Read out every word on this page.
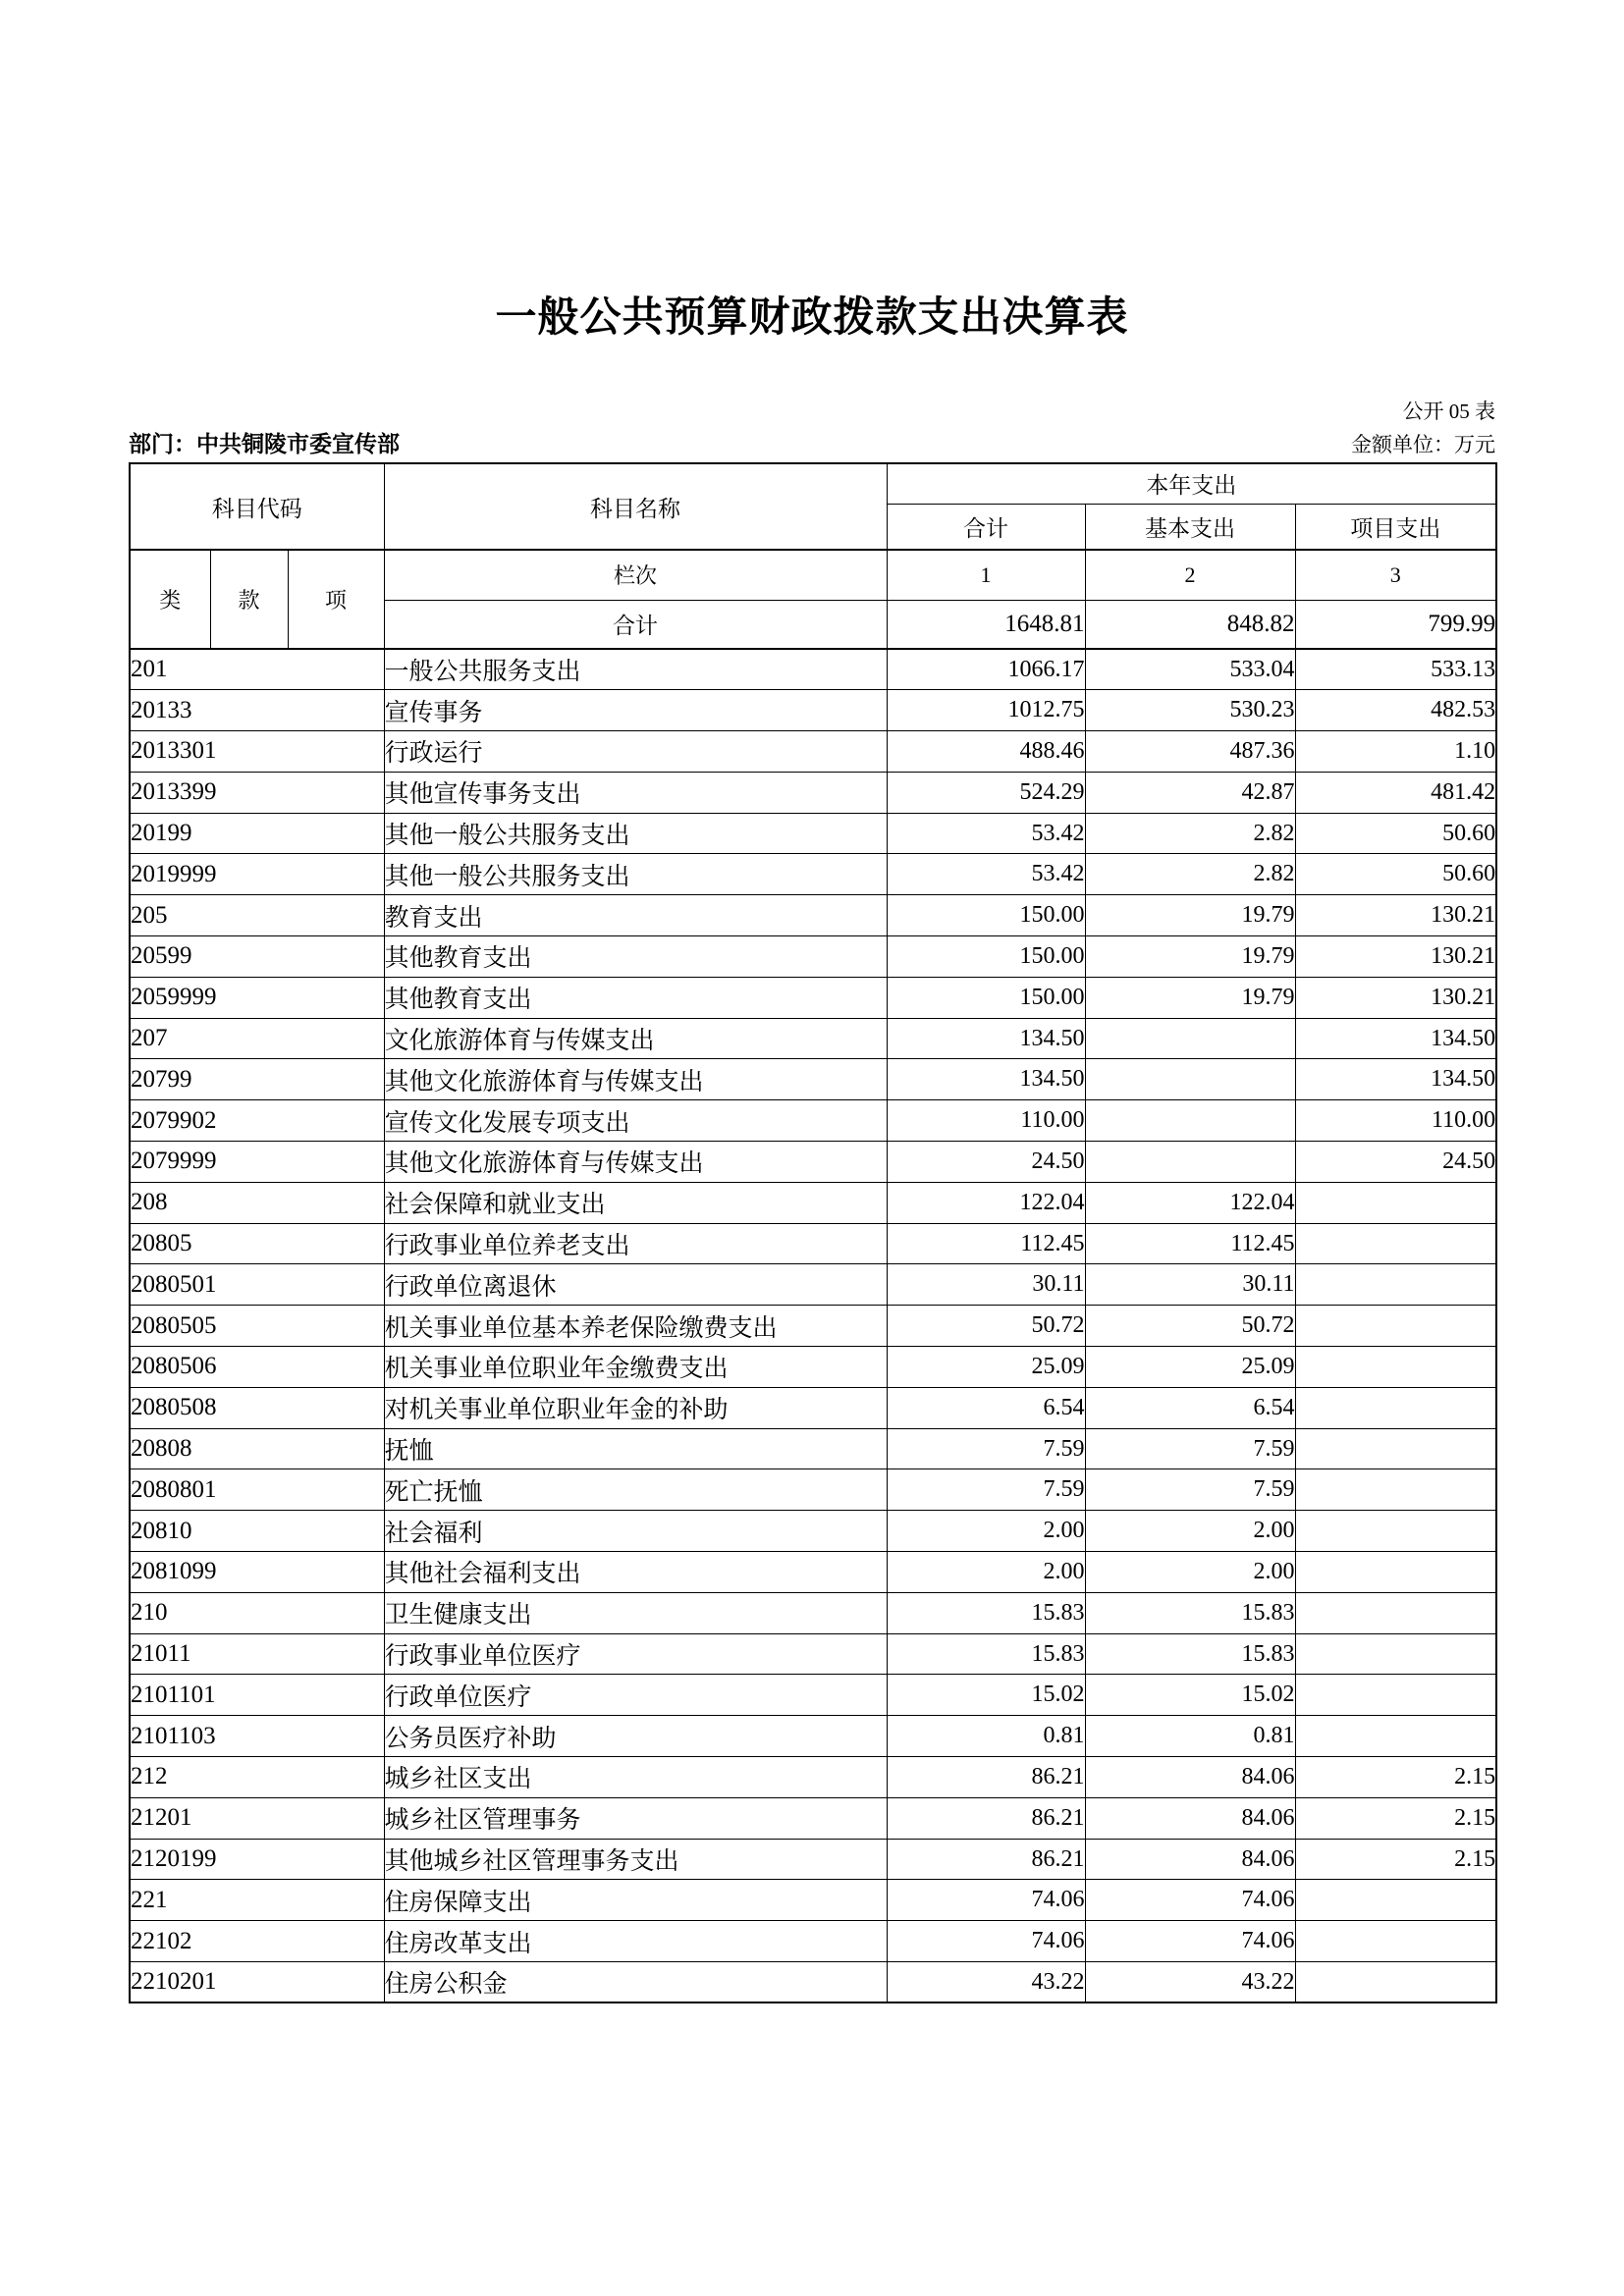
一般公共预算财政拨款支出决算表
公开 05 表
部门：中共铜陵市委宣传部	金额单位：万元
科目代码			科目名称	本年支出		
				合计	基本支出	项目支出
类	款	项	栏次	1	2	3
			合计	1648.81	848.82	799.99
201			一般公共服务支出	1066.17	533.04	533.13
20133			宣传事务	1012.75	530.23	482.53
2013301			行政运行	488.46	487.36	1.10
2013399			其他宣传事务支出	524.29	42.87	481.42
20199			其他一般公共服务支出	53.42	2.82	50.60
2019999			其他一般公共服务支出	53.42	2.82	50.60
205			教育支出	150.00	19.79	130.21
20599			其他教育支出	150.00	19.79	130.21
2059999			其他教育支出	150.00	19.79	130.21
207			文化旅游体育与传媒支出	134.50		134.50
20799			其他文化旅游体育与传媒支出	134.50		134.50
2079902			宣传文化发展专项支出	110.00		110.00
2079999			其他文化旅游体育与传媒支出	24.50		24.50
208			社会保障和就业支出	122.04	122.04	
20805			行政事业单位养老支出	112.45	112.45	
2080501			行政单位离退休	30.11	30.11	
2080505			机关事业单位基本养老保险缴费支出	50.72	50.72	
2080506			机关事业单位职业年金缴费支出	25.09	25.09	
2080508			对机关事业单位职业年金的补助	6.54	6.54	
20808			抚恤	7.59	7.59	
2080801			死亡抚恤	7.59	7.59	
20810			社会福利	2.00	2.00	
2081099			其他社会福利支出	2.00	2.00	
210			卫生健康支出	15.83	15.83	
21011			行政事业单位医疗	15.83	15.83	
2101101			行政单位医疗	15.02	15.02	
2101103			公务员医疗补助	0.81	0.81	
212			城乡社区支出	86.21	84.06	2.15
21201			城乡社区管理事务	86.21	84.06	2.15
2120199			其他城乡社区管理事务支出	86.21	84.06	2.15
221			住房保障支出	74.06	74.06	
22102			住房改革支出	74.06	74.06	
2210201			住房公积金	43.22	43.22	
